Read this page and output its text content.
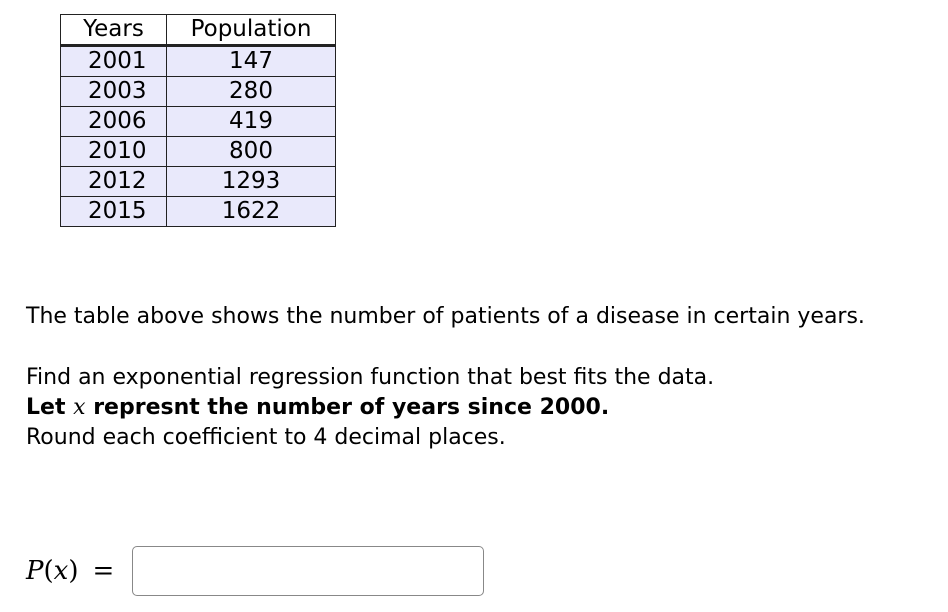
Years	Population
2001	147
2003	280
2006	419
2010	800
2012	1293
2015	1622
The table above shows the number of patients of a disease in certain years.
Find an exponential regression function that best fits the data.
Let x represnt the number of years since 2000.
Round each coefficient to 4 decimal places.
P(x) =
